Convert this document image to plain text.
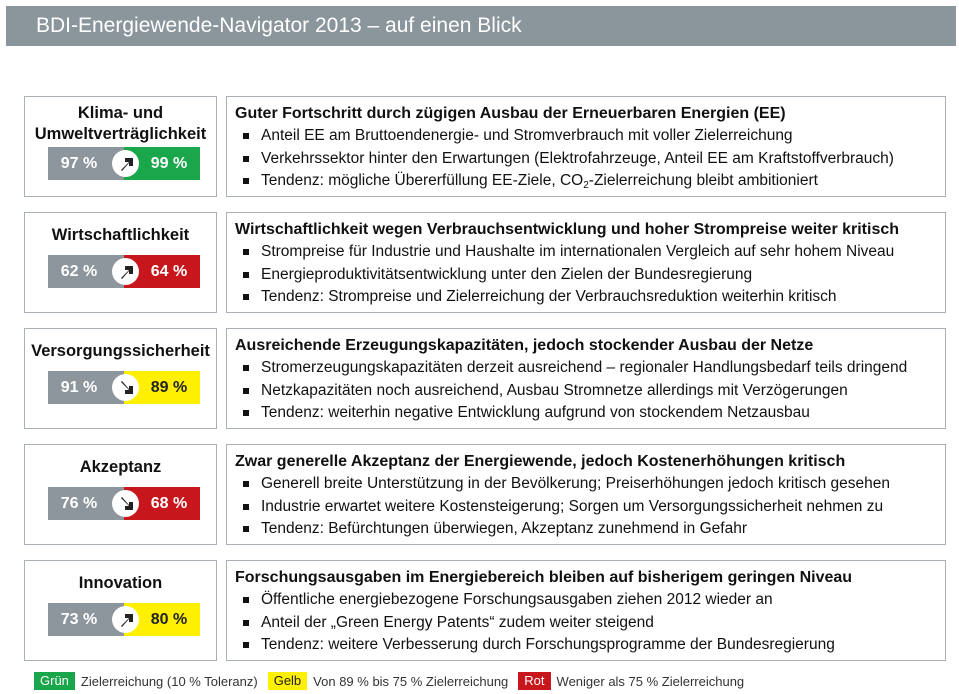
BDI-Energiewende-Navigator 2013 – auf einen Blick
Klima- und
Umweltverträglichkeit
97 %	99 %
Guter Fortschritt durch zügigen Ausbau der Erneuerbaren Energien (EE)
Anteil EE am Bruttoendenergie- und Stromverbrauch mit voller Zielerreichung
Verkehrssektor hinter den Erwartungen (Elektrofahrzeuge, Anteil EE am Kraftstoffverbrauch)
Tendenz: mögliche Übererfüllung EE-Ziele, $CO_2$-Zielerreichung bleibt ambitioniert
Wirtschaftlichkeit
62 %	64 %
Wirtschaftlichkeit wegen Verbrauchsentwicklung und hoher Strompreise weiter kritisch
Strompreise für Industrie und Haushalte im internationalen Vergleich auf sehr hohem Niveau
Energieproduktivitätsentwicklung unter den Zielen der Bundesregierung
Tendenz: Strompreise und Zielerreichung der Verbrauchsreduktion weiterhin kritisch
Versorgungssicherheit
91 %	89 %
Ausreichende Erzeugungskapazitäten, jedoch stockender Ausbau der Netze
Stromerzeugungskapazitäten derzeit ausreichend – regionaler Handlungsbedarf teils dringend
Netzkapazitäten noch ausreichend, Ausbau Stromnetze allerdings mit Verzögerungen
Tendenz: weiterhin negative Entwicklung aufgrund von stockendem Netzausbau
Akzeptanz
76 %	68 %
Zwar generelle Akzeptanz der Energiewende, jedoch Kostenerhöhungen kritisch
Generell breite Unterstützung in der Bevölkerung; Preiserhöhungen jedoch kritisch gesehen
Industrie erwartet weitere Kostensteigerung; Sorgen um Versorgungssicherheit nehmen zu
Tendenz: Befürchtungen überwiegen, Akzeptanz zunehmend in Gefahr
Innovation
73 %	80 %
Forschungsausgaben im Energiebereich bleiben auf bisherigem geringen Niveau
Öffentliche energiebezogene Forschungsausgaben ziehen 2012 wieder an
Anteil der „Green Energy Patents“ zudem weiter steigend
Tendenz: weitere Verbesserung durch Forschungsprogramme der Bundesregierung
Grün Zielerreichung (10 % Toleranz)	Gelb Von 89 % bis 75 % Zielerreichung	Rot Weniger als 75 % Zielerreichung
